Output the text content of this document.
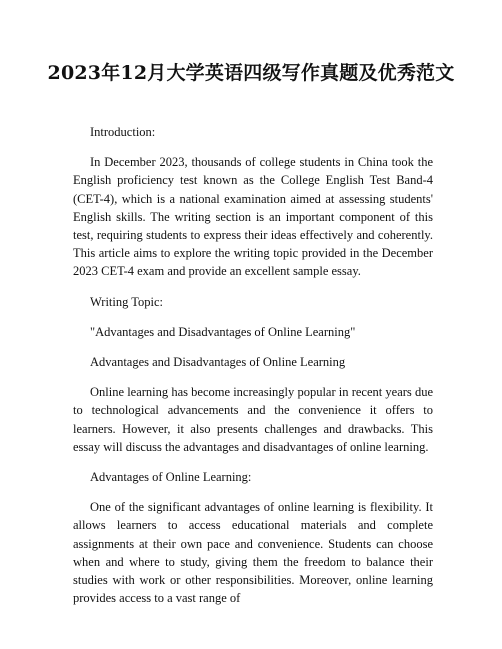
2023年12月大学英语四级写作真题及优秀范文

Introduction:

In December 2023, thousands of college students in China took the English proficiency test known as the College English Test Band-4 (CET-4), which is a national examination aimed at assessing students' English skills. The writing section is an important component of this test, requiring students to express their ideas effectively and coherently. This article aims to explore the writing topic provided in the December 2023 CET-4 exam and provide an excellent sample essay.

Writing Topic:

"Advantages and Disadvantages of Online Learning"

Advantages and Disadvantages of Online Learning

Online learning has become increasingly popular in recent years due to technological advancements and the convenience it offers to learners. However, it also presents challenges and drawbacks. This essay will discuss the advantages and disadvantages of online learning.

Advantages of Online Learning:

One of the significant advantages of online learning is flexibility. It allows learners to access educational materials and complete assignments at their own pace and convenience. Students can choose when and where to study, giving them the freedom to balance their studies with work or other responsibilities. Moreover, online learning provides access to a vast range of
